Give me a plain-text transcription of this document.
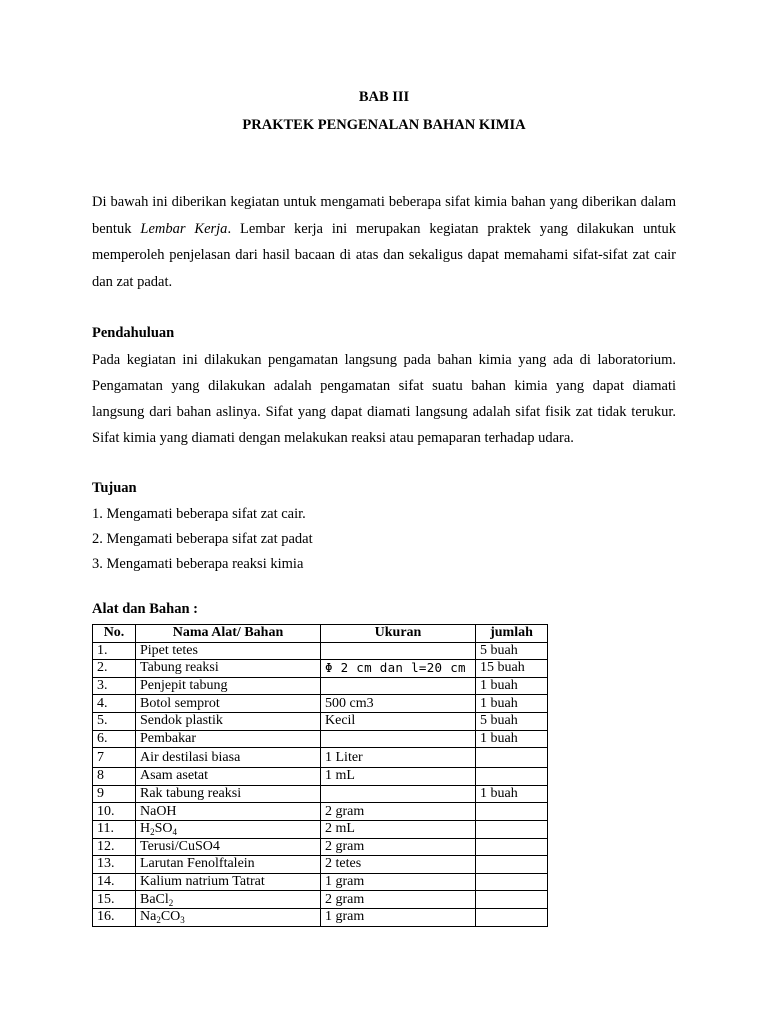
BAB III

PRAKTEK PENGENALAN BAHAN KIMIA

Di bawah ini diberikan kegiatan untuk mengamati beberapa sifat kimia bahan yang diberikan dalam bentuk Lembar Kerja. Lembar kerja ini merupakan kegiatan praktek yang dilakukan untuk memperoleh penjelasan dari hasil bacaan di atas dan sekaligus dapat memahami sifat-sifat zat cair dan zat padat.

Pendahuluan

Pada kegiatan ini dilakukan pengamatan langsung pada bahan kimia yang ada di laboratorium. Pengamatan yang dilakukan adalah pengamatan sifat suatu bahan kimia yang dapat diamati langsung dari bahan aslinya. Sifat yang dapat diamati langsung adalah sifat fisik zat tidak terukur. Sifat kimia yang diamati dengan melakukan reaksi atau pemaparan terhadap udara.

Tujuan

1. Mengamati beberapa sifat zat cair.

2. Mengamati beberapa sifat zat padat

3. Mengamati beberapa reaksi kimia

Alat dan Bahan :

No.	Nama Alat/ Bahan	Ukuran	jumlah
1.	Pipet tetes		5 buah
2.	Tabung reaksi	Φ 2 cm dan l=20 cm	15 buah
3.	Penjepit tabung		1 buah
4.	Botol semprot	500 cm3	1 buah
5.	Sendok plastik	Kecil	5 buah
6.	Pembakar		1 buah
7	Air destilasi biasa	1 Liter	
8	Asam asetat	1 mL	
9	Rak tabung reaksi		1 buah
10.	NaOH	2 gram	
11.	$H_2SO_4$	2 mL	
12.	Terusi/CuSO4	2 gram	
13.	Larutan Fenolftalein	2 tetes	
14.	Kalium natrium Tatrat	1 gram	
15.	BaCl$_2$	2 gram	
16.	$Na_2CO_3$	1 gram	
